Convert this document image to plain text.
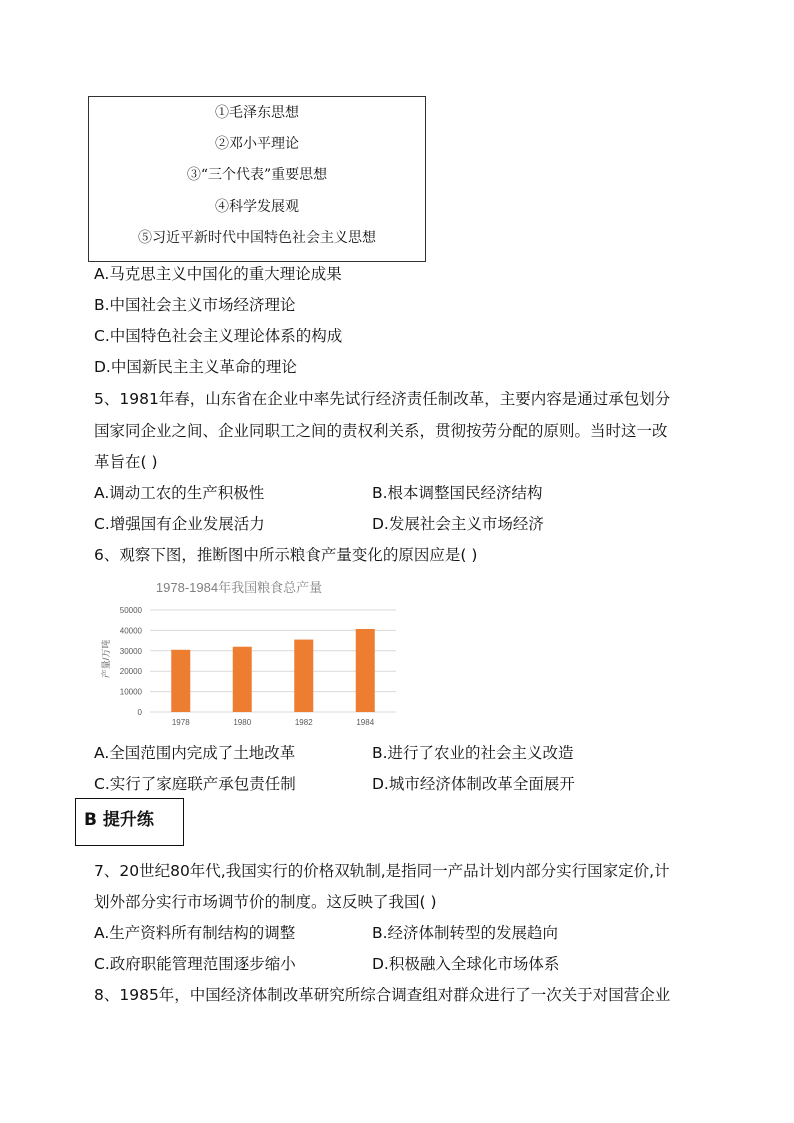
①毛泽东思想
②邓小平理论
③“三个代表”重要思想
④科学发展观
⑤习近平新时代中国特色社会主义思想
A.马克思主义中国化的重大理论成果
B.中国社会主义市场经济理论
C.中国特色社会主义理论体系的构成
D.中国新民主主义革命的理论
5、1981年春，山东省在企业中率先试行经济责任制改革，主要内容是通过承包划分
国家同企业之间、企业同职工之间的责权利关系，贯彻按劳分配的原则。当时这一改
革旨在( )
A.调动工农的生产积极性	B.根本调整国民经济结构
C.增强国有企业发展活力	D.发展社会主义市场经济
6、观察下图，推断图中所示粮食产量变化的原因应是( )
1978-1984年我国粮食总产量
产量/万吨
0
10000
20000
30000
40000
50000
1978	1980	1982	1984
A.全国范围内完成了土地改革	B.进行了农业的社会主义改造
C.实行了家庭联产承包责任制	D.城市经济体制改革全面展开
B 提升练
7、20世纪80年代,我国实行的价格双轨制,是指同一产品计划内部分实行国家定价,计
划外部分实行市场调节价的制度。这反映了我国( )
A.生产资料所有制结构的调整	B.经济体制转型的发展趋向
C.政府职能管理范围逐步缩小	D.积极融入全球化市场体系
8、1985年，中国经济体制改革研究所综合调查组对群众进行了一次关于对国营企业
